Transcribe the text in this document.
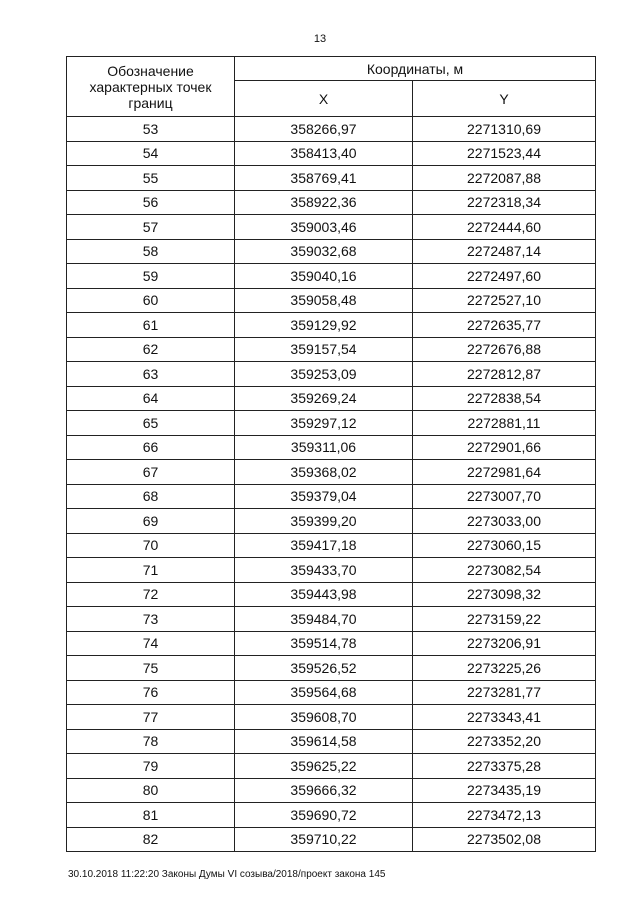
13
Обозначение
характерных точек
границ	Координаты, м	
	X	Y
53	358266,97	2271310,69
54	358413,40	2271523,44
55	358769,41	2272087,88
56	358922,36	2272318,34
57	359003,46	2272444,60
58	359032,68	2272487,14
59	359040,16	2272497,60
60	359058,48	2272527,10
61	359129,92	2272635,77
62	359157,54	2272676,88
63	359253,09	2272812,87
64	359269,24	2272838,54
65	359297,12	2272881,11
66	359311,06	2272901,66
67	359368,02	2272981,64
68	359379,04	2273007,70
69	359399,20	2273033,00
70	359417,18	2273060,15
71	359433,70	2273082,54
72	359443,98	2273098,32
73	359484,70	2273159,22
74	359514,78	2273206,91
75	359526,52	2273225,26
76	359564,68	2273281,77
77	359608,70	2273343,41
78	359614,58	2273352,20
79	359625,22	2273375,28
80	359666,32	2273435,19
81	359690,72	2273472,13
82	359710,22	2273502,08
30.10.2018 11:22:20 Законы Думы VI созыва/2018/проект закона 145
